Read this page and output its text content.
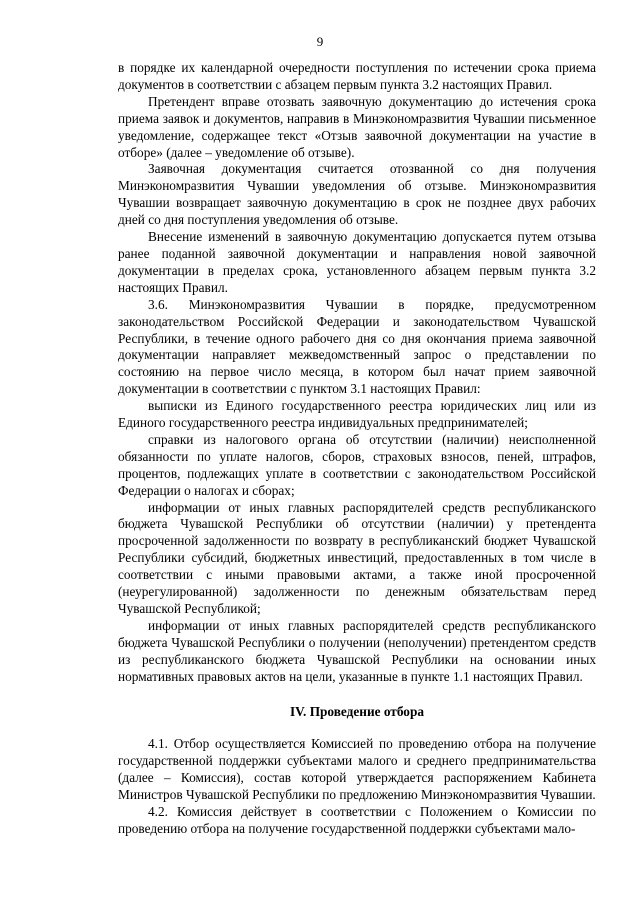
9

в порядке их календарной очередности поступления по истечении срока приема документов в соответствии с абзацем первым пункта 3.2 настоящих Правил.

Претендент вправе отозвать заявочную документацию до истечения срока приема заявок и документов, направив в Минэкономразвития Чувашии письменное уведомление, содержащее текст «Отзыв заявочной документации на участие в отборе» (далее – уведомление об отзыве).

Заявочная документация считается отозванной со дня получения Минэкономразвития Чувашии уведомления об отзыве. Минэкономразвития Чувашии возвращает заявочную документацию в срок не позднее двух рабочих дней со дня поступления уведомления об отзыве.

Внесение изменений в заявочную документацию допускается путем отзыва ранее поданной заявочной документации и направления новой заявочной документации в пределах срока, установленного абзацем первым пункта 3.2 настоящих Правил.

3.6. Минэкономразвития Чувашии в порядке, предусмотренном законодательством Российской Федерации и законодательством Чувашской Республики, в течение одного рабочего дня со дня окончания приема заявочной документации направляет межведомственный запрос о представлении по состоянию на первое число месяца, в котором был начат прием заявочной документации в соответствии с пунктом 3.1 настоящих Правил:

выписки из Единого государственного реестра юридических лиц или из Единого государственного реестра индивидуальных предпринимателей;

справки из налогового органа об отсутствии (наличии) неисполненной обязанности по уплате налогов, сборов, страховых взносов, пеней, штрафов, процентов, подлежащих уплате в соответствии с законодательством Российской Федерации о налогах и сборах;

информации от иных главных распорядителей средств республиканского бюджета Чувашской Республики об отсутствии (наличии) у претендента просроченной задолженности по возврату в республиканский бюджет Чувашской Республики субсидий, бюджетных инвестиций, предоставленных в том числе в соответствии с иными правовыми актами, а также иной просроченной (неурегулированной) задолженности по денежным обязательствам перед Чувашской Республикой;

информации от иных главных распорядителей средств республиканского бюджета Чувашской Республики о получении (неполучении) претендентом средств из республиканского бюджета Чувашской Республики на основании иных нормативных правовых актов на цели, указанные в пункте 1.1 настоящих Правил.

IV. Проведение отбора

4.1. Отбор осуществляется Комиссией по проведению отбора на получение государственной поддержки субъектами малого и среднего предпринимательства (далее – Комиссия), состав которой утверждается распоряжением Кабинета Министров Чувашской Республики по предложению Минэкономразвития Чувашии.

4.2. Комиссия действует в соответствии с Положением о Комиссии по проведению отбора на получение государственной поддержки субъектами мало-
